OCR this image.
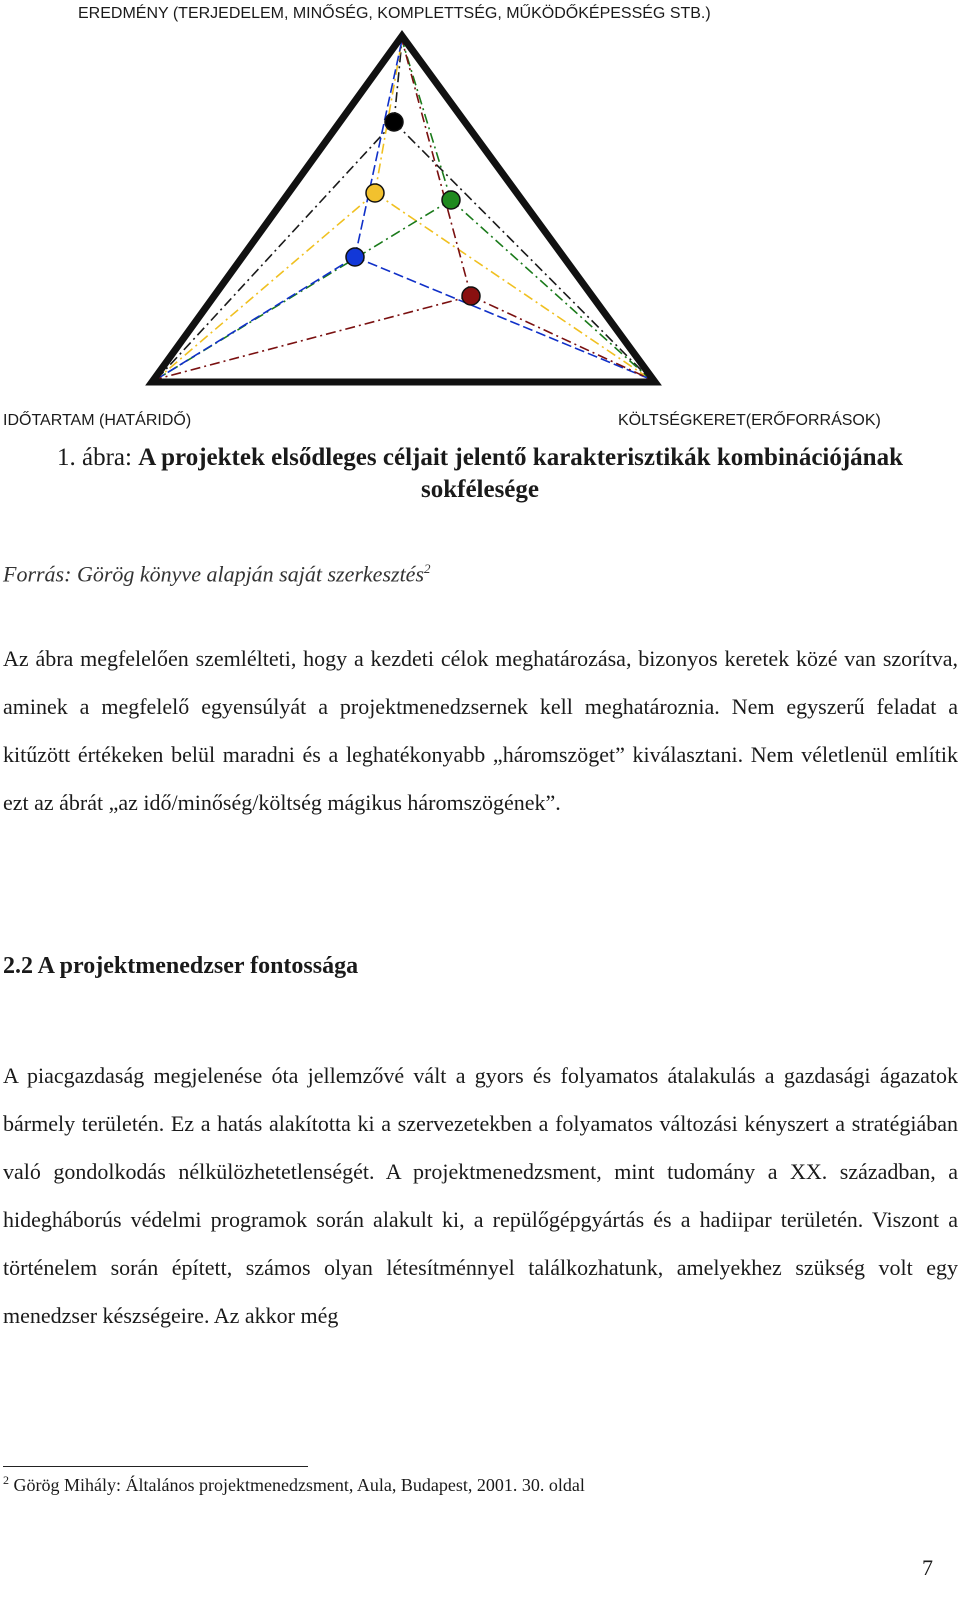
EREDMÉNY (TERJEDELEM, MINŐSÉG, KOMPLETTSÉG, MŰKÖDŐKÉPESSÉG STB.)
IDŐTARTAM (HATÁRIDŐ)	KÖLTSÉGKERET(ERŐFORRÁSOK)
1. ábra: A projektek elsődleges céljait jelentő karakterisztikák kombinációjának sokfélesége
Forrás: Görög könyve alapján saját szerkesztés$^2$
Az ábra megfelelően szemlélteti, hogy a kezdeti célok meghatározása, bizonyos keretek közé van szorítva, aminek a megfelelő egyensúlyát a projektmenedzsernek kell meghatároznia. Nem egyszerű feladat a kitűzött értékeken belül maradni és a leghatékonyabb „háromszöget” kiválasztani. Nem véletlenül említik ezt az ábrát „az idő/minőség/költség mágikus háromszögének”.
2.2 A projektmenedzser fontossága
A piacgazdaság megjelenése óta jellemzővé vált a gyors és folyamatos átalakulás a gazdasági ágazatok bármely területén. Ez a hatás alakította ki a szervezetekben a folyamatos változási kényszert a stratégiában való gondolkodás nélkülözhetetlenségét. A projektmenedzsment, mint tudomány a XX. században, a hidegháborús védelmi programok során alakult ki, a repülőgépgyártás és a hadiipar területén. Viszont a történelem során épített, számos olyan létesítménnyel találkozhatunk, amelyekhez szükség volt egy menedzser készségeire. Az akkor még
$^2$ Görög Mihály: Általános projektmenedzsment, Aula, Budapest, 2001. 30. oldal
7
